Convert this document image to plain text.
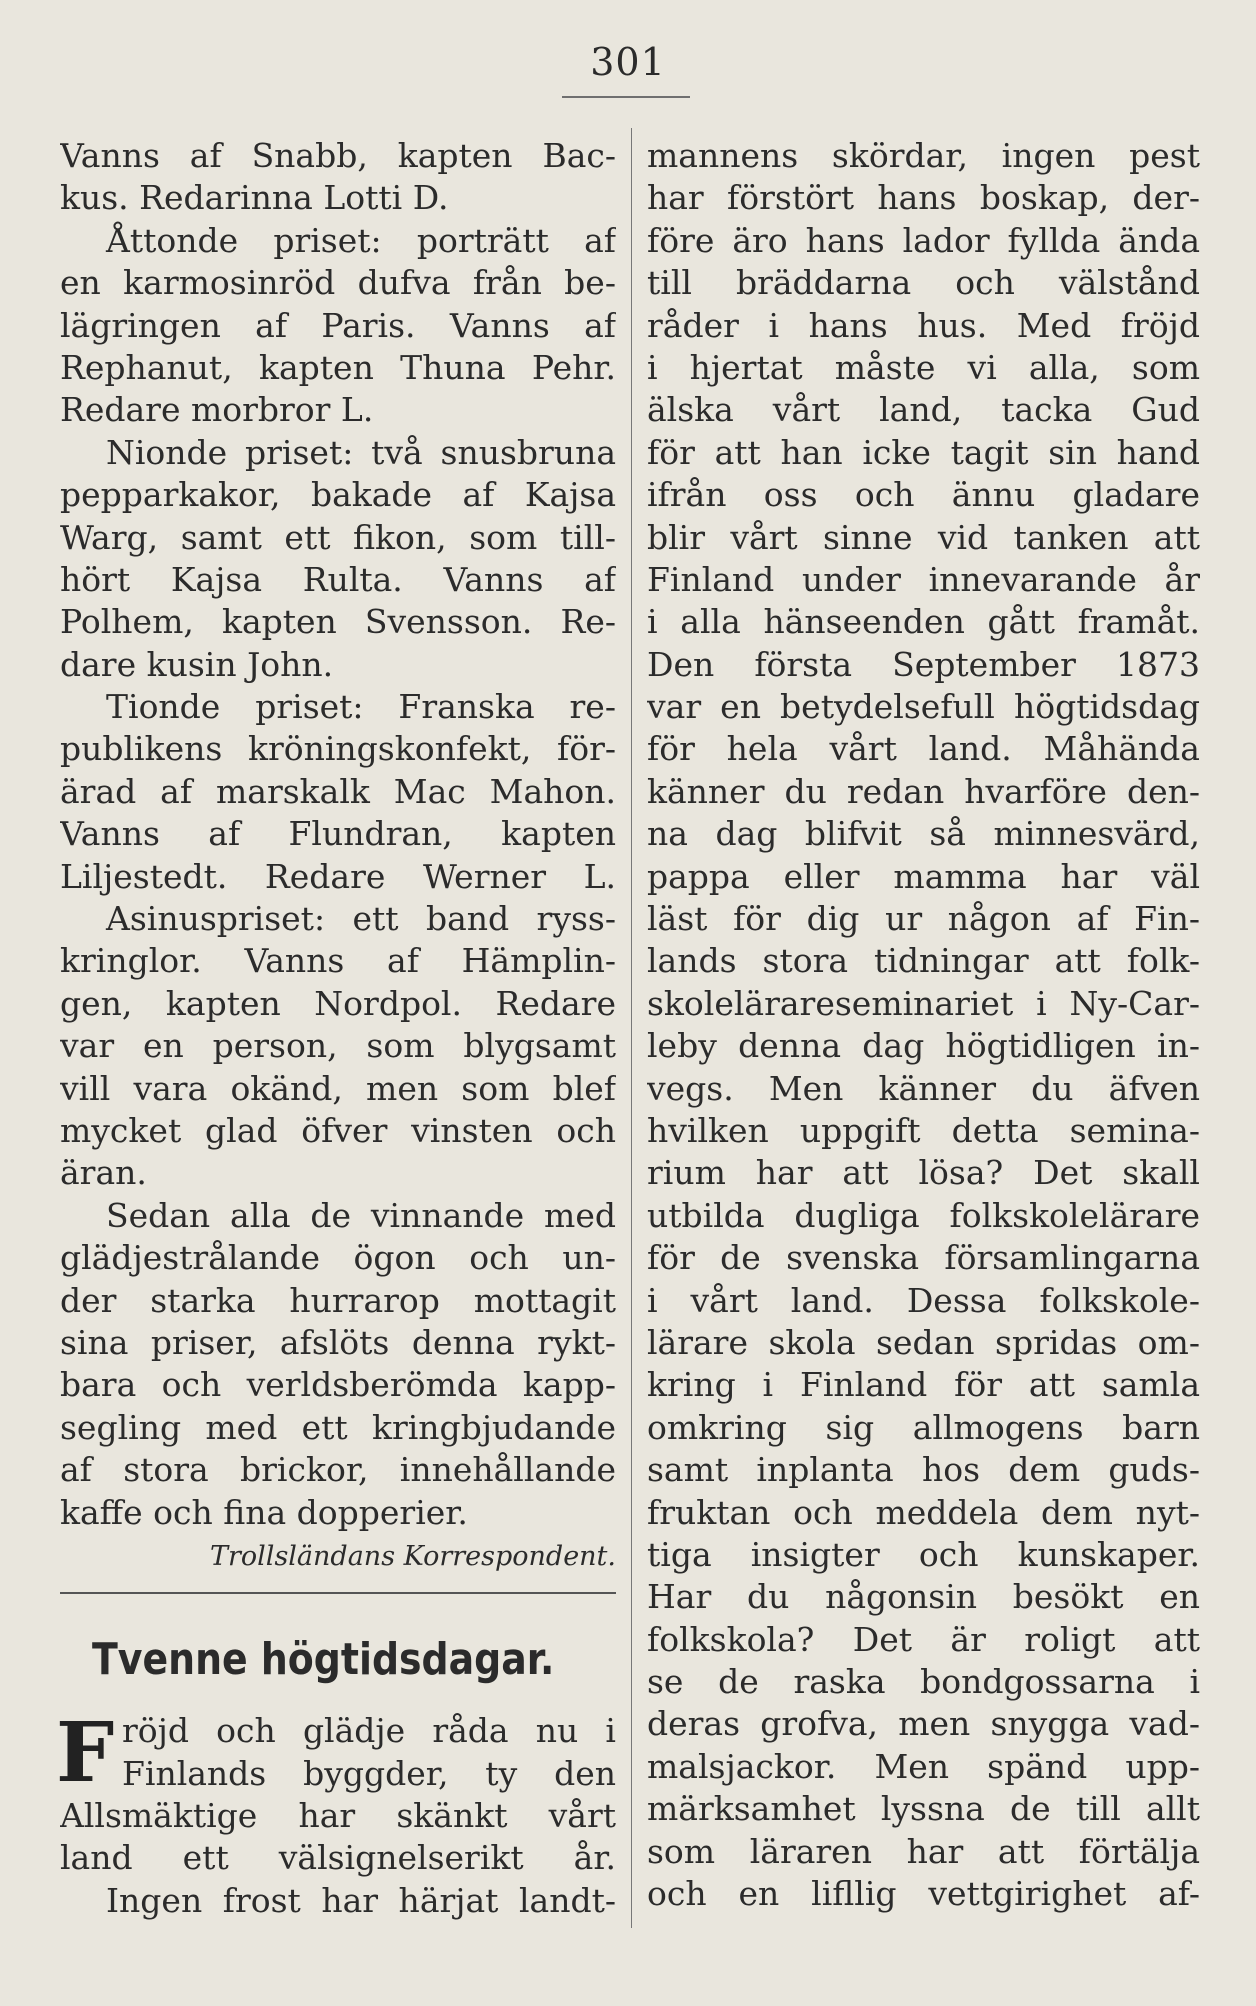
301
Vanns af Snabb, kapten Bac-
kus. Redarinna Lotti D.
Åttonde priset: porträtt af
en karmosinröd dufva från be-
lägringen af Paris. Vanns af
Rephanut, kapten Thuna Pehr.
Redare morbror L.
Nionde priset: två snusbruna
pepparkakor, bakade af Kajsa
Warg, samt ett fikon, som till-
hört Kajsa Rulta. Vanns af
Polhem, kapten Svensson. Re-
dare kusin John.
Tionde priset: Franska re-
publikens kröningskonfekt, för-
ärad af marskalk Mac Mahon.
Vanns af Flundran, kapten
Liljestedt. Redare Werner L.
Asinuspriset: ett band ryss-
kringlor. Vanns af Hämplin-
gen, kapten Nordpol. Redare
var en person, som blygsamt
vill vara okänd, men som blef
mycket glad öfver vinsten och
äran.
Sedan alla de vinnande med
glädjestrålande ögon och un-
der starka hurrarop mottagit
sina priser, afslöts denna rykt-
bara och verldsberömda kapp-
segling med ett kringbjudande
af stora brickor, innehållande
kaffe och fina dopperier.
Trollsländans Korrespondent.
Tvenne högtidsdagar.
F röjd och glädje råda nu i
Finlands byggder, ty den
Allsmäktige har skänkt vårt
land ett välsignelserikt år.
Ingen frost har härjat landt-
mannens skördar, ingen pest
har förstört hans boskap, der-
före äro hans lador fyllda ända
till bräddarna och välstånd
råder i hans hus. Med fröjd
i hjertat måste vi alla, som
älska vårt land, tacka Gud
för att han icke tagit sin hand
ifrån oss och ännu gladare
blir vårt sinne vid tanken att
Finland under innevarande år
i alla hänseenden gått framåt.
Den första September 1873
var en betydelsefull högtidsdag
för hela vårt land. Måhända
känner du redan hvarföre den-
na dag blifvit så minnesvärd,
pappa eller mamma har väl
läst för dig ur någon af Fin-
lands stora tidningar att folk-
skolelärareseminariet i Ny-Car-
leby denna dag högtidligen in-
vegs. Men känner du äfven
hvilken uppgift detta semina-
rium har att lösa? Det skall
utbilda dugliga folkskolelärare
för de svenska församlingarna
i vårt land. Dessa folkskole-
lärare skola sedan spridas om-
kring i Finland för att samla
omkring sig allmogens barn
samt inplanta hos dem guds-
fruktan och meddela dem nyt-
tiga insigter och kunskaper.
Har du någonsin besökt en
folkskola? Det är roligt att
se de raska bondgossarna i
deras grofva, men snygga vad-
malsjackor. Men spänd upp-
märksamhet lyssna de till allt
som läraren har att förtälja
och en lifllig vettgirighet af-
